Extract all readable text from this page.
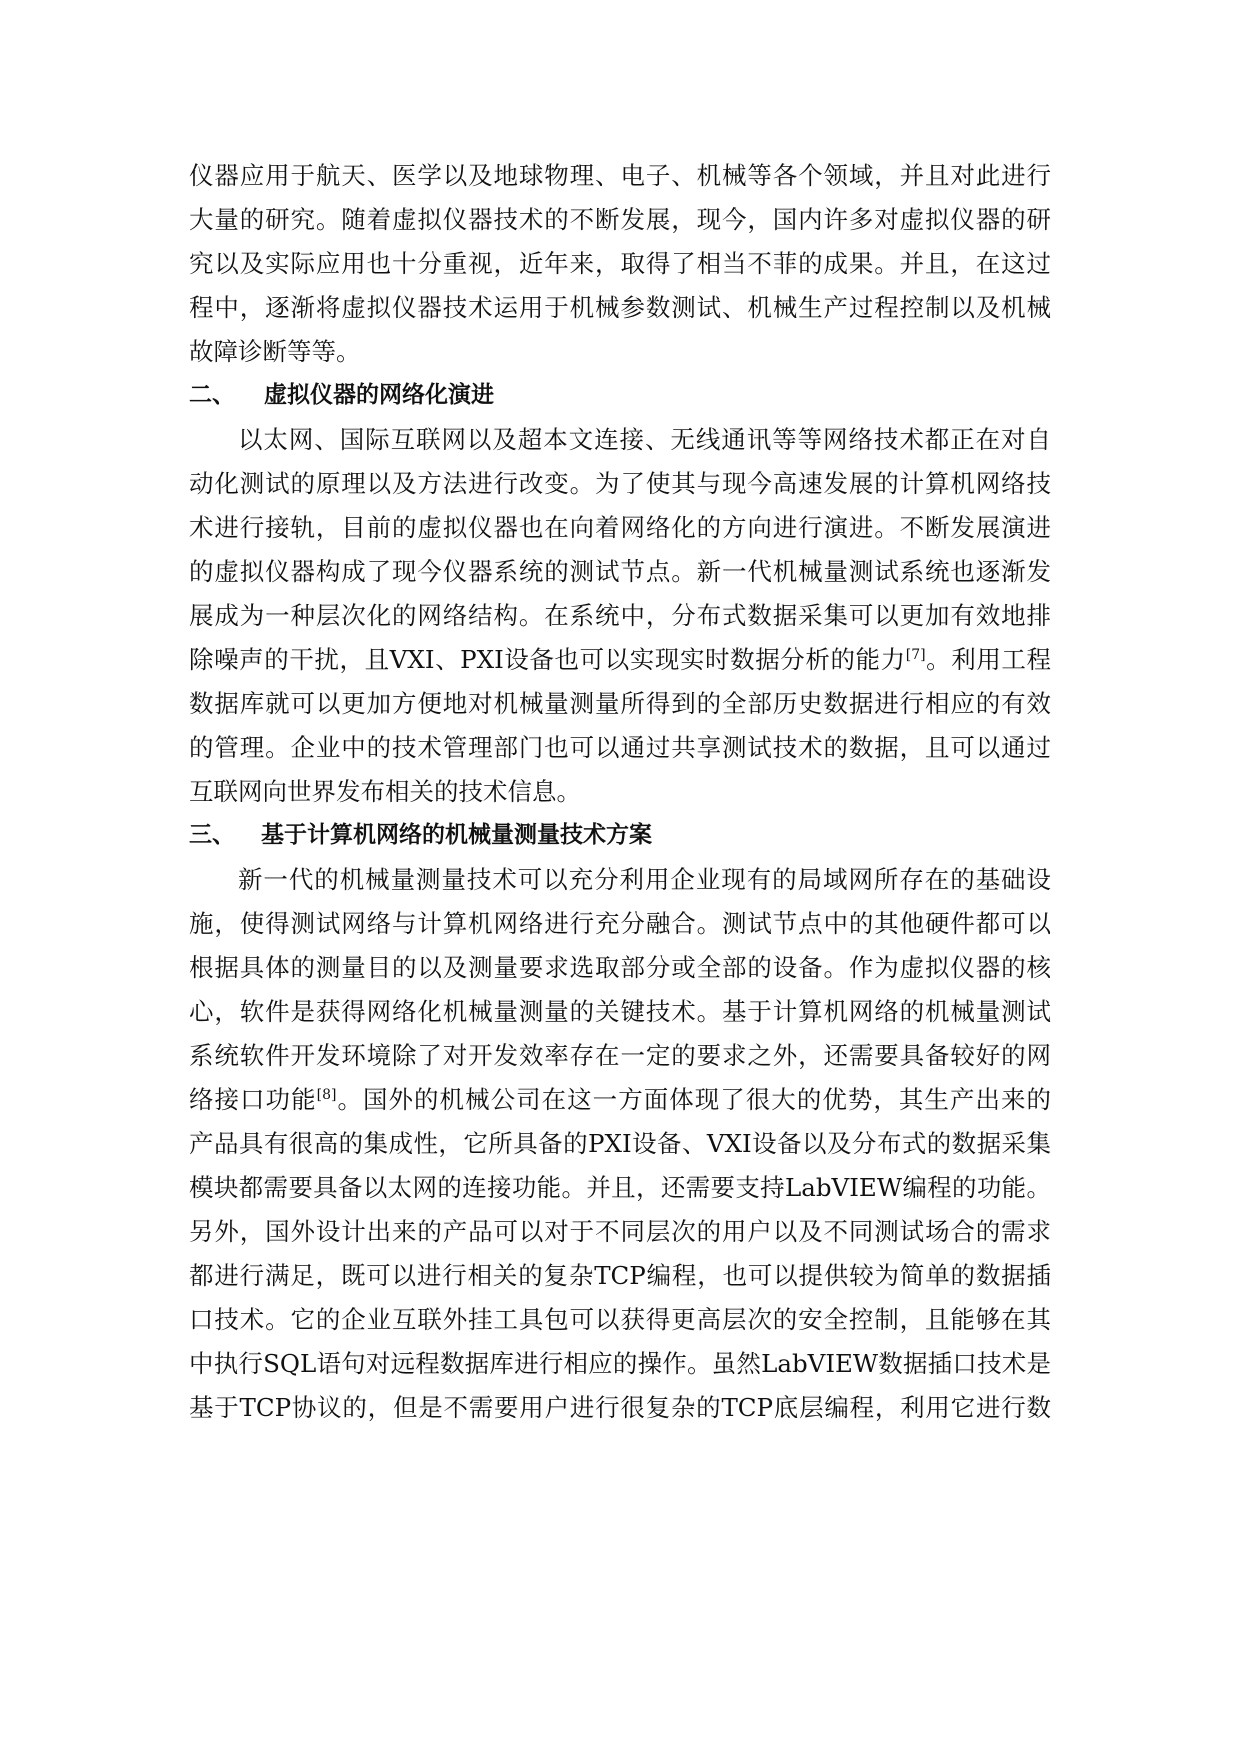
仪器应用于航天、医学以及地球物理、电子、机械等各个领域，并且对此进行
大量的研究。随着虚拟仪器技术的不断发展，现今，国内许多对虚拟仪器的研
究以及实际应用也十分重视，近年来，取得了相当不菲的成果。并且，在这过
程中，逐渐将虚拟仪器技术运用于机械参数测试、机械生产过程控制以及机械
故障诊断等等。
二、 虚拟仪器的网络化演进
以太网、国际互联网以及超本文连接、无线通讯等等网络技术都正在对自
动化测试的原理以及方法进行改变。为了使其与现今高速发展的计算机网络技
术进行接轨，目前的虚拟仪器也在向着网络化的方向进行演进。不断发展演进
的虚拟仪器构成了现今仪器系统的测试节点。新一代机械量测试系统也逐渐发
展成为一种层次化的网络结构。在系统中，分布式数据采集可以更加有效地排
除噪声的干扰，且VXI、PXI设备也可以实现实时数据分析的能力[7]。利用工程
数据库就可以更加方便地对机械量测量所得到的全部历史数据进行相应的有效
的管理。企业中的技术管理部门也可以通过共享测试技术的数据，且可以通过
互联网向世界发布相关的技术信息。
三、 基于计算机网络的机械量测量技术方案
新一代的机械量测量技术可以充分利用企业现有的局域网所存在的基础设
施，使得测试网络与计算机网络进行充分融合。测试节点中的其他硬件都可以
根据具体的测量目的以及测量要求选取部分或全部的设备。作为虚拟仪器的核
心，软件是获得网络化机械量测量的关键技术。基于计算机网络的机械量测试
系统软件开发环境除了对开发效率存在一定的要求之外，还需要具备较好的网
络接口功能[8]。国外的机械公司在这一方面体现了很大的优势，其生产出来的
产品具有很高的集成性，它所具备的PXI设备、VXI设备以及分布式的数据采集
模块都需要具备以太网的连接功能。并且，还需要支持LabVIEW编程的功能。
另外，国外设计出来的产品可以对于不同层次的用户以及不同测试场合的需求
都进行满足，既可以进行相关的复杂TCP编程，也可以提供较为简单的数据插
口技术。它的企业互联外挂工具包可以获得更高层次的安全控制，且能够在其
中执行SQL语句对远程数据库进行相应的操作。虽然LabVIEW数据插口技术是
基于TCP协议的，但是不需要用户进行很复杂的TCP底层编程，利用它进行数
